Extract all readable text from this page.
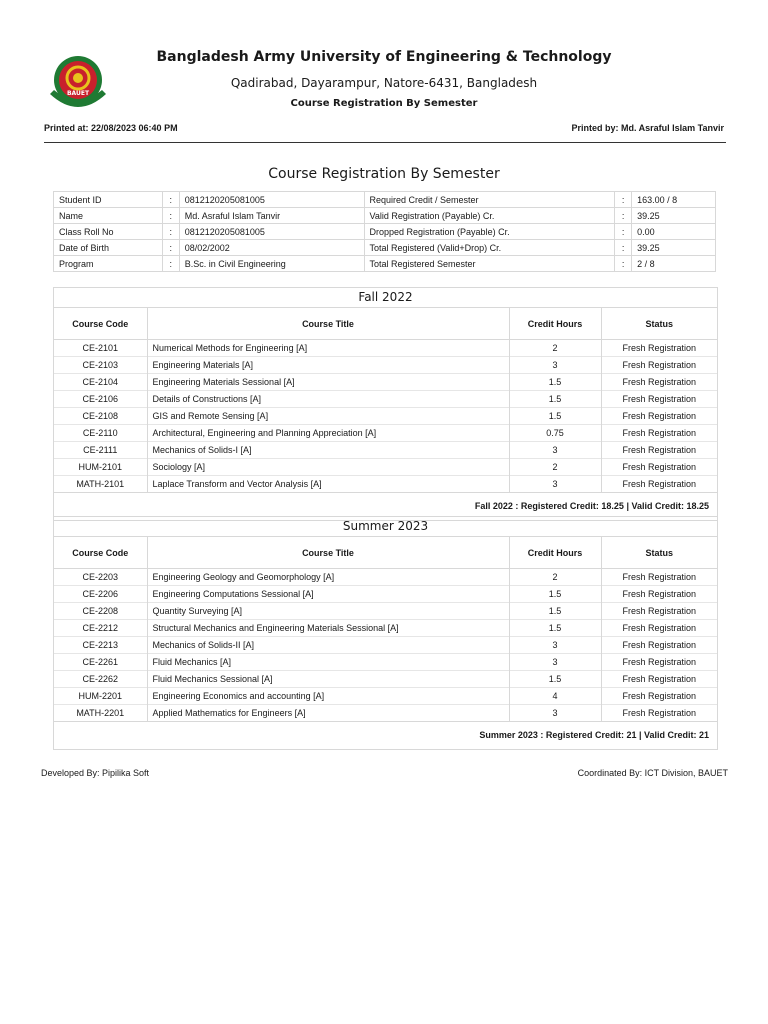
BAUET
Bangladesh Army University of Engineering & Technology
Qadirabad, Dayarampur, Natore-6431, Bangladesh
Course Registration By Semester
Printed at: 22/08/2023 06:40 PM	Printed by: Md. Asraful Islam Tanvir
Course Registration By Semester
Student ID	:	0812120205081005	Required Credit / Semester	:	163.00 / 8
Name	:	Md. Asraful Islam Tanvir	Valid Registration (Payable) Cr.	:	39.25
Class Roll No	:	0812120205081005	Dropped Registration (Payable) Cr.	:	0.00
Date of Birth	:	08/02/2002	Total Registered (Valid+Drop) Cr.	:	39.25
Program	:	B.Sc. in Civil Engineering	Total Registered Semester	:	2 / 8
Fall 2022
Course Code	Course Title	Credit Hours	Status
CE-2101	Numerical Methods for Engineering [A]	2	Fresh Registration
CE-2103	Engineering Materials [A]	3	Fresh Registration
CE-2104	Engineering Materials Sessional [A]	1.5	Fresh Registration
CE-2106	Details of Constructions [A]	1.5	Fresh Registration
CE-2108	GIS and Remote Sensing [A]	1.5	Fresh Registration
CE-2110	Architectural, Engineering and Planning Appreciation [A]	0.75	Fresh Registration
CE-2111	Mechanics of Solids-I [A]	3	Fresh Registration
HUM-2101	Sociology [A]	2	Fresh Registration
MATH-2101	Laplace Transform and Vector Analysis [A]	3	Fresh Registration
Fall 2022 : Registered Credit: 18.25 | Valid Credit: 18.25
Summer 2023
Course Code	Course Title	Credit Hours	Status
CE-2203	Engineering Geology and Geomorphology [A]	2	Fresh Registration
CE-2206	Engineering Computations Sessional [A]	1.5	Fresh Registration
CE-2208	Quantity Surveying [A]	1.5	Fresh Registration
CE-2212	Structural Mechanics and Engineering Materials Sessional [A]	1.5	Fresh Registration
CE-2213	Mechanics of Solids-II [A]	3	Fresh Registration
CE-2261	Fluid Mechanics [A]	3	Fresh Registration
CE-2262	Fluid Mechanics Sessional [A]	1.5	Fresh Registration
HUM-2201	Engineering Economics and accounting [A]	4	Fresh Registration
MATH-2201	Applied Mathematics for Engineers [A]	3	Fresh Registration
Summer 2023 : Registered Credit: 21 | Valid Credit: 21
Developed By: Pipilika Soft	Coordinated By: ICT Division, BAUET
